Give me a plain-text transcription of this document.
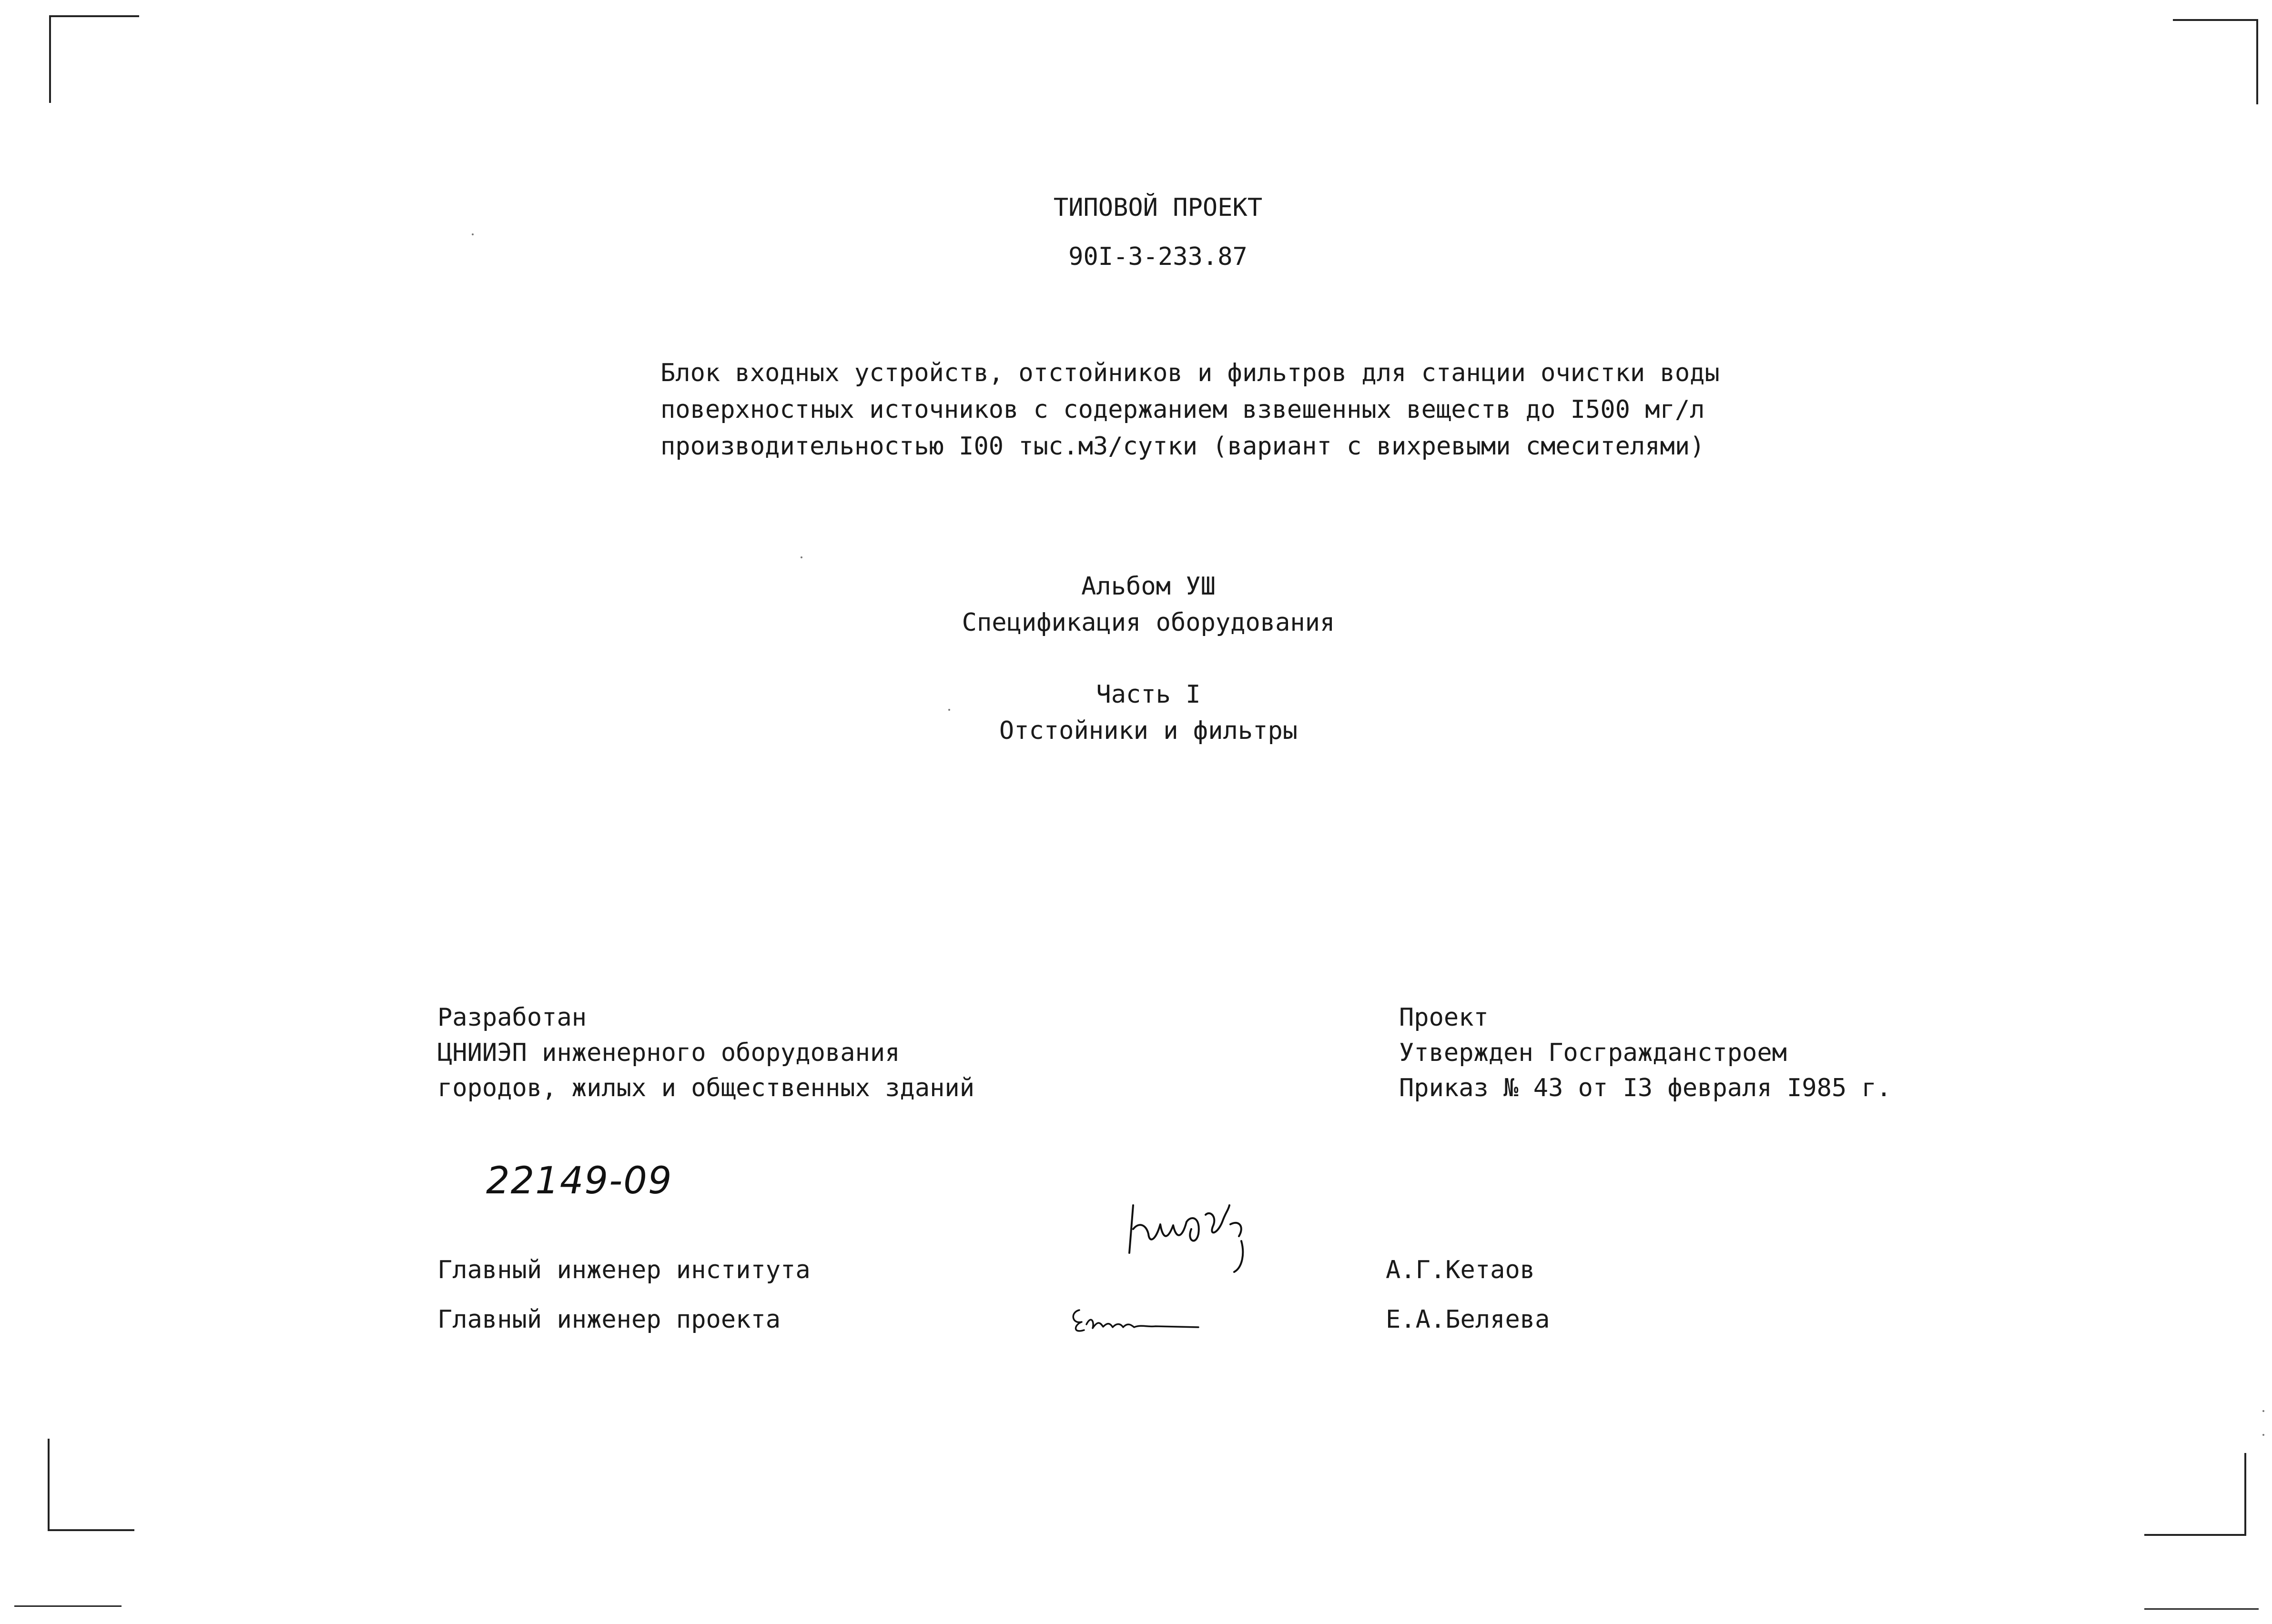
ТИПОВОЙ ПРОЕКТ
90I-3-233.87
Блок входных устройств, отстойников и фильтров для станции очистки воды
поверхностных источников с содержанием взвешенных веществ до I500 мг/л
производительностью I00 тыс.м3/сутки (вариант с вихревыми смесителями)
Альбом УШ
Спецификация оборудования
Часть I
Отстойники и фильтры
Разработан
ЦНИИЭП инженерного оборудования
городов, жилых и общественных зданий
Проект
Утвержден Госгражданстроем
Приказ № 43 от I3 февраля I985 г.
22149-09
Главный инженер института	А.Г.Кетаов
Главный инженер проекта	Е.А.Беляева
